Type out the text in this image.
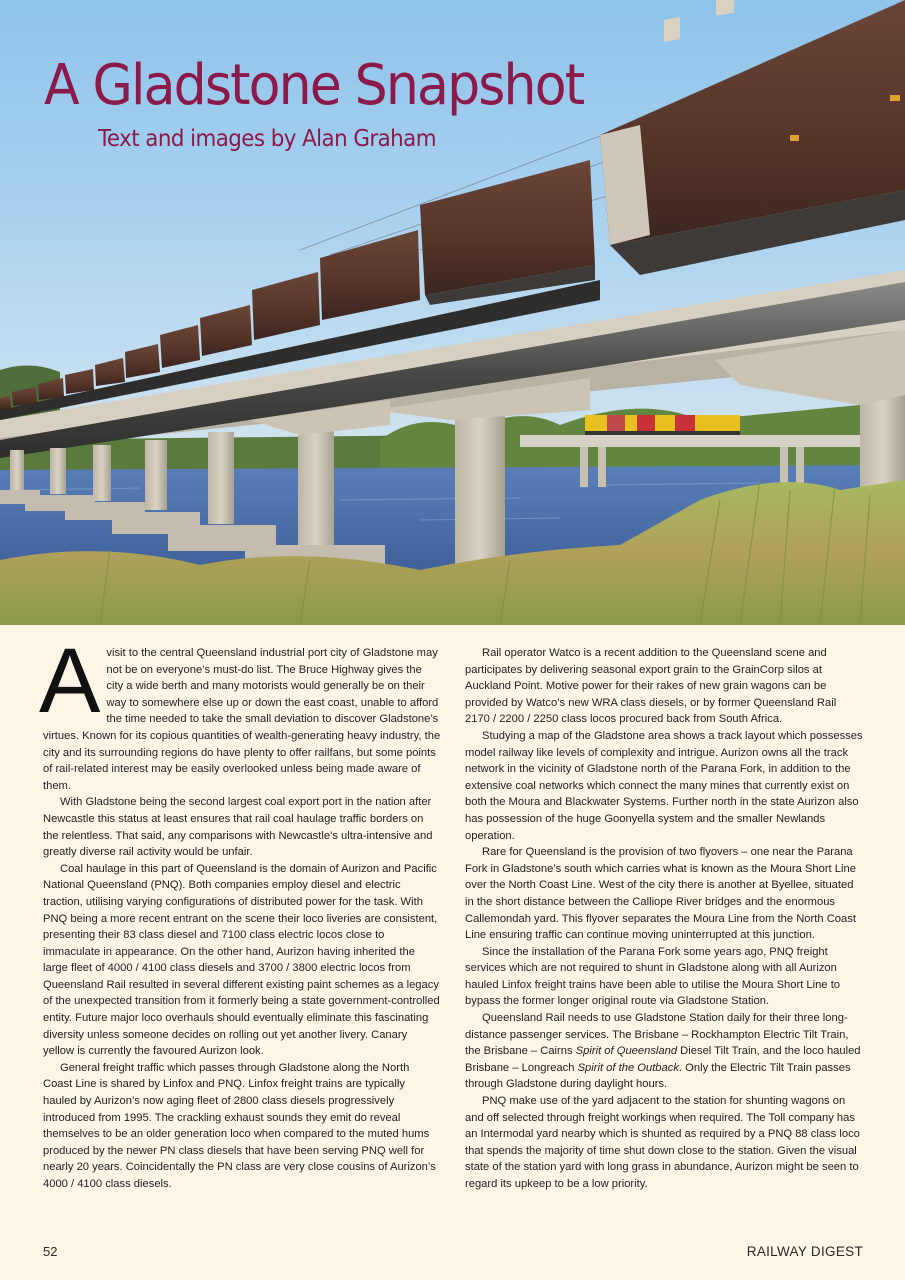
A Gladstone Snapshot
Text and images by Alan Graham

Avisit to the central Queensland industrial port city of Gladstone may not be on everyone’s must-do list. The Bruce Highway gives the city a wide berth and many motorists would generally be on their way to somewhere else up or down the east coast, unable to afford the time needed to take the small deviation to discover Gladstone’s virtues. Known for its copious quantities of wealth-generating heavy industry, the city and its surrounding regions do have plenty to offer railfans, but some points of rail-related interest may be easily overlooked unless being made aware of them.

With Gladstone being the second largest coal export port in the nation after Newcastle this status at least ensures that rail coal haulage traffic borders on the relentless. That said, any comparisons with Newcastle’s ultra-intensive and greatly diverse rail activity would be unfair.

Coal haulage in this part of Queensland is the domain of Aurizon and Pacific National Queensland (PNQ). Both companies employ diesel and electric traction, utilising varying configurations of distributed power for the task. With PNQ being a more recent entrant on the scene their loco liveries are consistent, presenting their 83 class diesel and 7100 class electric locos close to immaculate in appearance. On the other hand, Aurizon having inherited the large fleet of 4000 / 4100 class diesels and 3700 / 3800 electric locos from Queensland Rail resulted in several different existing paint schemes as a legacy of the unexpected transition from it formerly being a state government-controlled entity. Future major loco overhauls should eventually eliminate this fascinating diversity unless someone decides on rolling out yet another livery. Canary yellow is currently the favoured Aurizon look.

General freight traffic which passes through Gladstone along the North Coast Line is shared by Linfox and PNQ. Linfox freight trains are typically hauled by Aurizon’s now aging fleet of 2800 class diesels progressively introduced from 1995. The crackling exhaust sounds they emit do reveal themselves to be an older generation loco when compared to the muted hums produced by the newer PN class diesels that have been serving PNQ well for nearly 20 years. Coincidentally the PN class are very close cousins of Aurizon’s 4000 / 4100 class diesels.

Rail operator Watco is a recent addition to the Queensland scene and participates by delivering seasonal export grain to the GrainCorp silos at Auckland Point. Motive power for their rakes of new grain wagons can be provided by Watco’s new WRA class diesels, or by former Queensland Rail 2170 / 2200 / 2250 class locos procured back from South Africa.

Studying a map of the Gladstone area shows a track layout which possesses model railway like levels of complexity and intrigue. Aurizon owns all the track network in the vicinity of Gladstone north of the Parana Fork, in addition to the extensive coal networks which connect the many mines that currently exist on both the Moura and Blackwater Systems. Further north in the state Aurizon also has possession of the huge Goonyella system and the smaller Newlands operation.

Rare for Queensland is the provision of two flyovers – one near the Parana Fork in Gladstone’s south which carries what is known as the Moura Short Line over the North Coast Line. West of the city there is another at Byellee, situated in the short distance between the Calliope River bridges and the enormous Callemondah yard. This flyover separates the Moura Line from the North Coast Line ensuring traffic can continue moving uninterrupted at this junction.

Since the installation of the Parana Fork some years ago, PNQ freight services which are not required to shunt in Gladstone along with all Aurizon hauled Linfox freight trains have been able to utilise the Moura Short Line to bypass the former longer original route via Gladstone Station.

Queensland Rail needs to use Gladstone Station daily for their three long-distance passenger services. The Brisbane – Rockhampton Electric Tilt Train, the Brisbane – Cairns Spirit of Queensland Diesel Tilt Train, and the loco hauled Brisbane – Longreach Spirit of the Outback. Only the Electric Tilt Train passes through Gladstone during daylight hours.

PNQ make use of the yard adjacent to the station for shunting wagons on and off selected through freight workings when required. The Toll company has an Intermodal yard nearby which is shunted as required by a PNQ 88 class loco that spends the majority of time shut down close to the station. Given the visual state of the station yard with long grass in abundance, Aurizon might be seen to regard its upkeep to be a low priority.

52	RAILWAY DIGEST
